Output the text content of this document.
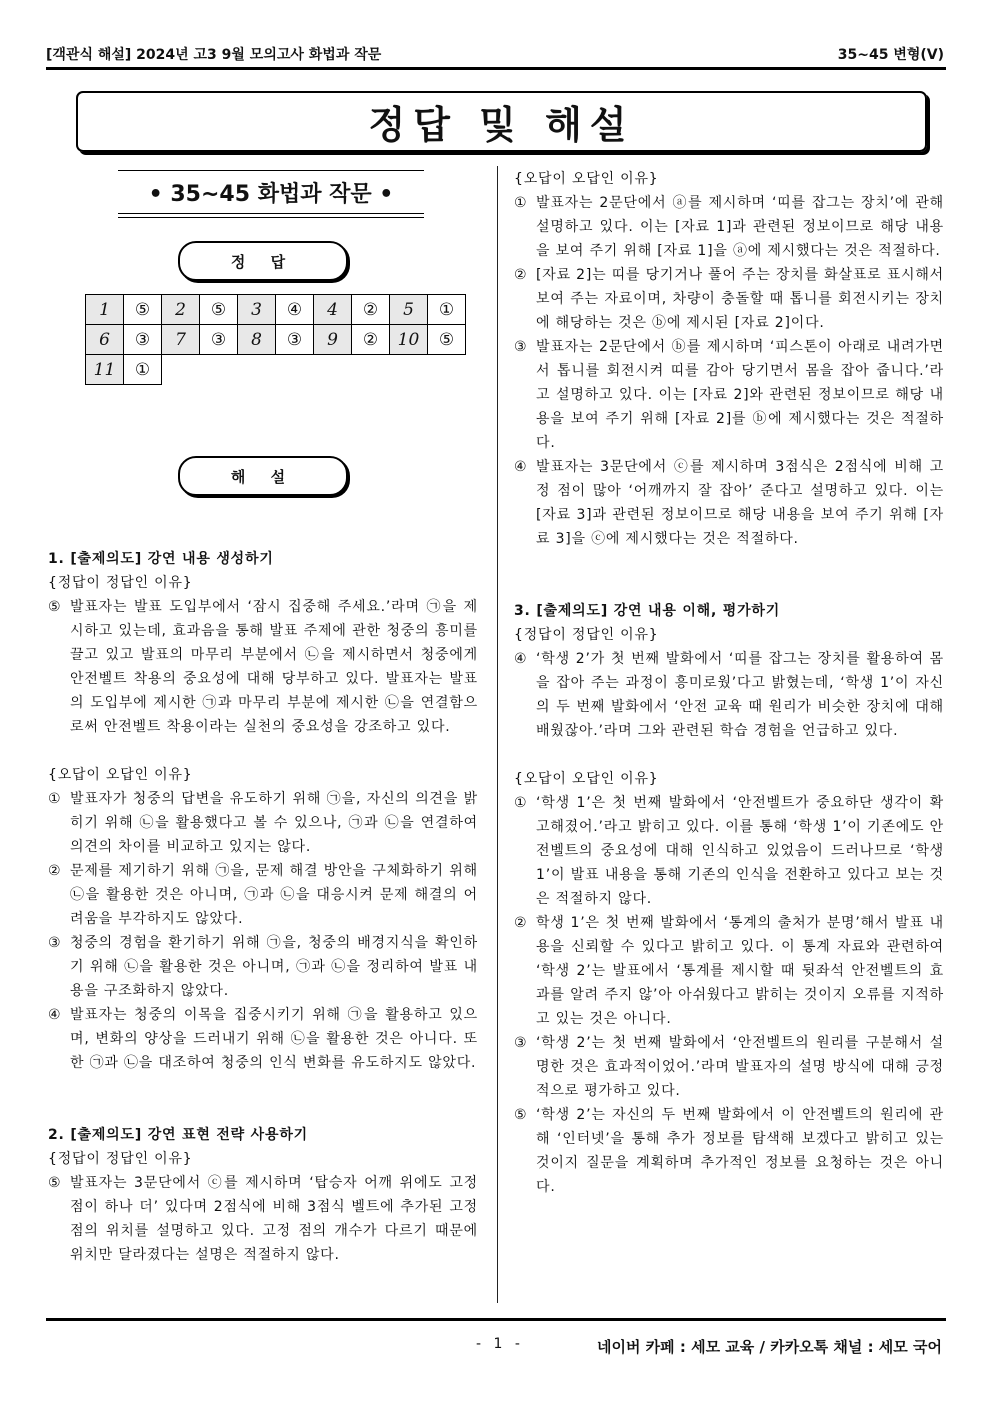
[객관식 해설] 2024년 고3 9월 모의고사 화법과 작문	35~45 변형(V)
정답 및 해설
• 35~45 화법과 작문 •
정 답
1	⑤	2	⑤	3	④	4	②	5	①
6	③	7	③	8	③	9	②	10	⑤
11	①								
해 설

1. [출제의도] 강연 내용 생성하기

{정답이 정답인 이유}

⑤ 발표자는 발표 도입부에서 ‘잠시 집중해 주세요.’라며 ㉠을 제시하고 있는데, 효과음을 통해 발표 주제에 관한 청중의 흥미를 끌고 있고 발표의 마무리 부분에서 ㉡을 제시하면서 청중에게 안전벨트 착용의 중요성에 대해 당부하고 있다. 발표자는 발표의 도입부에 제시한 ㉠과 마무리 부분에 제시한 ㉡을 연결함으로써 안전벨트 착용이라는 실천의 중요성을 강조하고 있다.

{오답이 오답인 이유}

① 발표자가 청중의 답변을 유도하기 위해 ㉠을, 자신의 의견을 밝히기 위해 ㉡을 활용했다고 볼 수 있으나, ㉠과 ㉡을 연결하여 의견의 차이를 비교하고 있지는 않다.
② 문제를 제기하기 위해 ㉠을, 문제 해결 방안을 구체화하기 위해 ㉡을 활용한 것은 아니며, ㉠과 ㉡을 대응시켜 문제 해결의 어려움을 부각하지도 않았다.
③ 청중의 경험을 환기하기 위해 ㉠을, 청중의 배경지식을 확인하기 위해 ㉡을 활용한 것은 아니며, ㉠과 ㉡을 정리하여 발표 내용을 구조화하지 않았다.
④ 발표자는 청중의 이목을 집중시키기 위해 ㉠을 활용하고 있으며, 변화의 양상을 드러내기 위해 ㉡을 활용한 것은 아니다. 또한 ㉠과 ㉡을 대조하여 청중의 인식 변화를 유도하지도 않았다.

2. [출제의도] 강연 표현 전략 사용하기

{정답이 정답인 이유}

⑤ 발표자는 3문단에서 ⓒ를 제시하며 ‘탑승자 어깨 위에도 고정 점이 하나 더’ 있다며 2점식에 비해 3점식 벨트에 추가된 고정 점의 위치를 설명하고 있다. 고정 점의 개수가 다르기 때문에 위치만 달라졌다는 설명은 적절하지 않다.

{오답이 오답인 이유}

① 발표자는 2문단에서 ⓐ를 제시하며 ‘띠를 잡그는 장치’에 관해 설명하고 있다. 이는 [자료 1]과 관련된 정보이므로 해당 내용을 보여 주기 위해 [자료 1]을 ⓐ에 제시했다는 것은 적절하다.
② [자료 2]는 띠를 당기거나 풀어 주는 장치를 화살표로 표시해서 보여 주는 자료이며, 차량이 충돌할 때 톱니를 회전시키는 장치에 해당하는 것은 ⓑ에 제시된 [자료 2]이다.
③ 발표자는 2문단에서 ⓑ를 제시하며 ‘피스톤이 아래로 내려가면서 톱니를 회전시켜 띠를 감아 당기면서 몸을 잡아 줍니다.’라고 설명하고 있다. 이는 [자료 2]와 관련된 정보이므로 해당 내용을 보여 주기 위해 [자료 2]를 ⓑ에 제시했다는 것은 적절하다.
④ 발표자는 3문단에서 ⓒ를 제시하며 3점식은 2점식에 비해 고정 점이 많아 ‘어깨까지 잘 잡아’ 준다고 설명하고 있다. 이는 [자료 3]과 관련된 정보이므로 해당 내용을 보여 주기 위해 [자료 3]을 ⓒ에 제시했다는 것은 적절하다.

3. [출제의도] 강연 내용 이해, 평가하기

{정답이 정답인 이유}

④ ‘학생 2’가 첫 번째 발화에서 ‘띠를 잡그는 장치를 활용하여 몸을 잡아 주는 과정이 흥미로웠’다고 밝혔는데, ‘학생 1’이 자신의 두 번째 발화에서 ‘안전 교육 때 원리가 비슷한 장치에 대해 배웠잖아.’라며 그와 관련된 학습 경험을 언급하고 있다.

{오답이 오답인 이유}

① ‘학생 1’은 첫 번째 발화에서 ‘안전벨트가 중요하단 생각이 확고해졌어.’라고 밝히고 있다. 이를 통해 ‘학생 1’이 기존에도 안전벨트의 중요성에 대해 인식하고 있었음이 드러나므로 ‘학생 1’이 발표 내용을 통해 기존의 인식을 전환하고 있다고 보는 것은 적절하지 않다.
② 학생 1’은 첫 번째 발화에서 ‘통계의 출처가 분명’해서 발표 내용을 신뢰할 수 있다고 밝히고 있다. 이 통계 자료와 관련하여 ‘학생 2’는 발표에서 ‘통계를 제시할 때 뒷좌석 안전벨트의 효과를 알려 주지 않’아 아쉬웠다고 밝히는 것이지 오류를 지적하고 있는 것은 아니다.
③ ‘학생 2’는 첫 번째 발화에서 ‘안전벨트의 원리를 구분해서 설명한 것은 효과적이었어.’라며 발표자의 설명 방식에 대해 긍정적으로 평가하고 있다.
⑤ ‘학생 2’는 자신의 두 번째 발화에서 이 안전벨트의 원리에 관해 ‘인터넷’을 통해 추가 정보를 탐색해 보겠다고 밝히고 있는 것이지 질문을 계획하며 추가적인 정보를 요청하는 것은 아니다.
- 1 -	네이버 카페 : 세모 교육 / 카카오톡 채널 : 세모 국어
